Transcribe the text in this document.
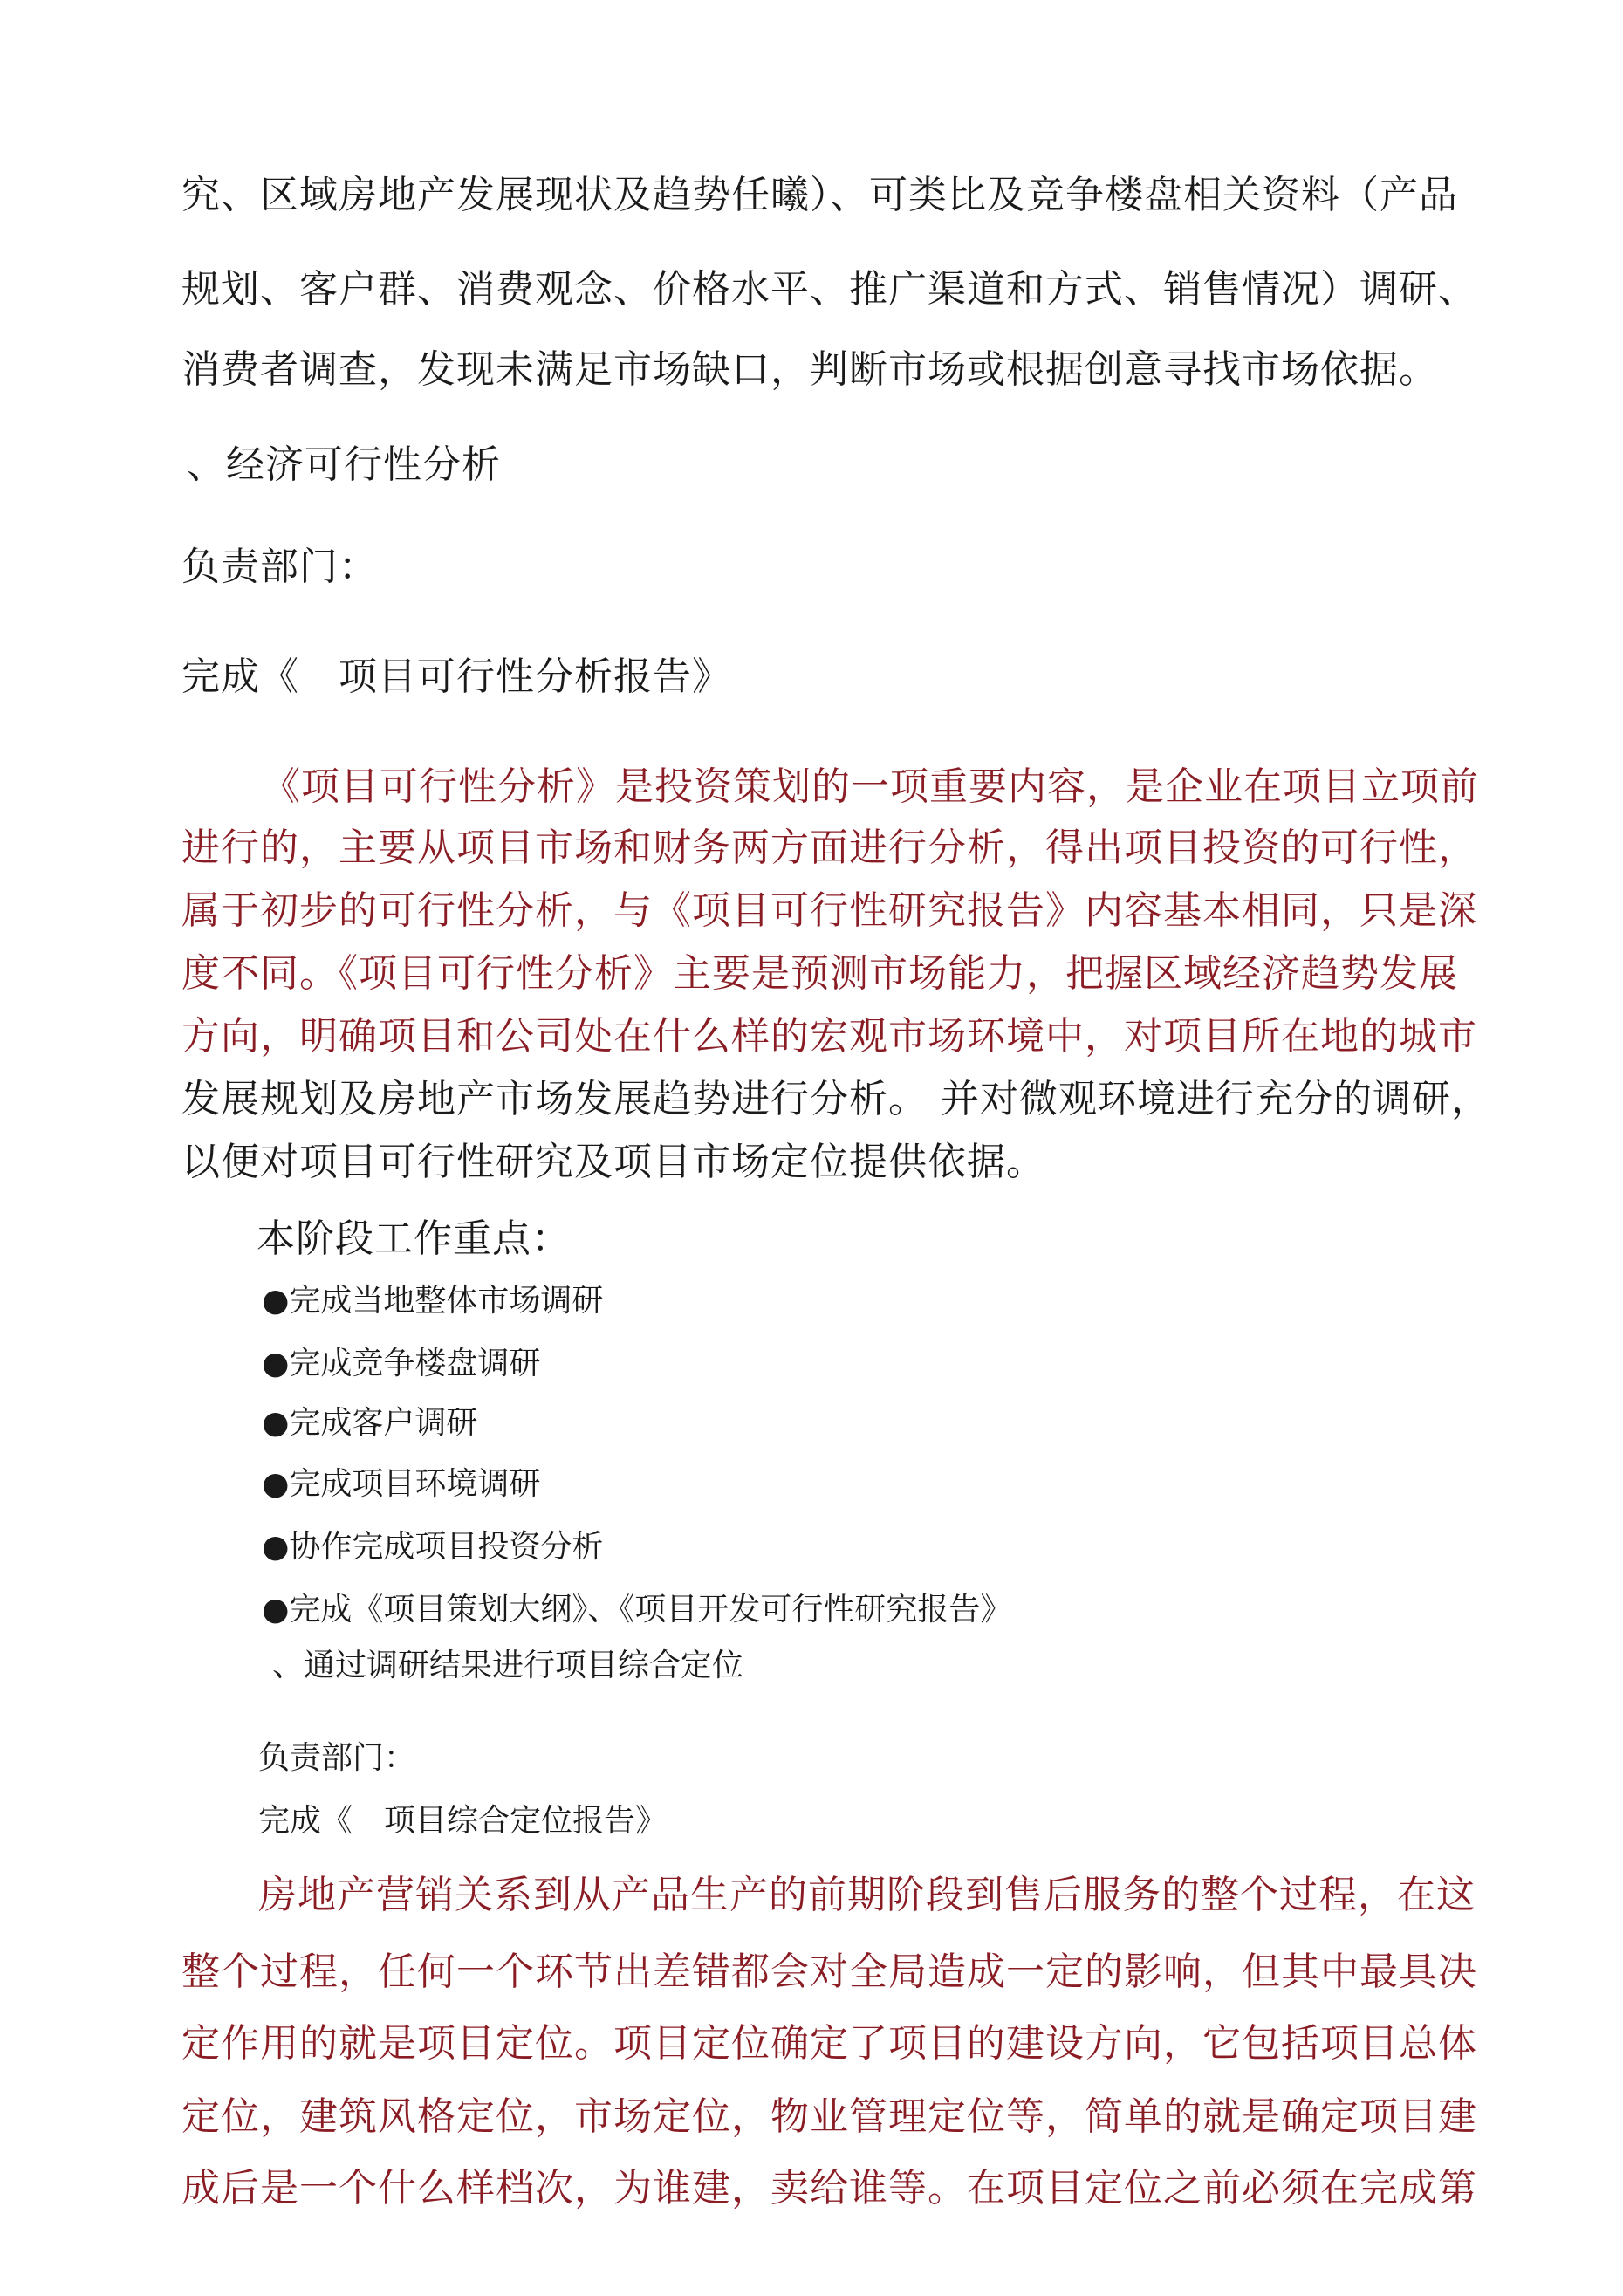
究、区域房地产发展现状及趋势任曦）、可类比及竞争楼盘相关资料（产品

规划、客户群、消费观念、价格水平、推广渠道和方式、销售情况）调研、

消费者调查，发现未满足市场缺口，判断市场或根据创意寻找市场依据。

、经济可行性分析

负责部门：

完成《　项目可行性分析报告》

《项目可行性分析》是投资策划的一项重要内容，是企业在项目立项前

进行的，主要从项目市场和财务两方面进行分析，得出项目投资的可行性，

属于初步的可行性分析，与《项目可行性研究报告》内容基本相同，只是深

度不同。《项目可行性分析》主要是预测市场能力，把握区域经济趋势发展

方向，明确项目和公司处在什么样的宏观市场环境中，对项目所在地的城市

发展规划及房地产市场发展趋势进行分析。 并对微观环境进行充分的调研，

以便对项目可行性研究及项目市场定位提供依据。

本阶段工作重点：

●完成当地整体市场调研
●完成竞争楼盘调研
●完成客户调研
●完成项目环境调研
●协作完成项目投资分析
●完成《项目策划大纲》、《项目开发可行性研究报告》

、通过调研结果进行项目综合定位

负责部门：

完成《　项目综合定位报告》

房地产营销关系到从产品生产的前期阶段到售后服务的整个过程，在这

整个过程，任何一个环节出差错都会对全局造成一定的影响，但其中最具决

定作用的就是项目定位。项目定位确定了项目的建设方向，它包括项目总体

定位，建筑风格定位，市场定位，物业管理定位等，简单的就是确定项目建

成后是一个什么样档次，为谁建，卖给谁等。在项目定位之前必须在完成第
